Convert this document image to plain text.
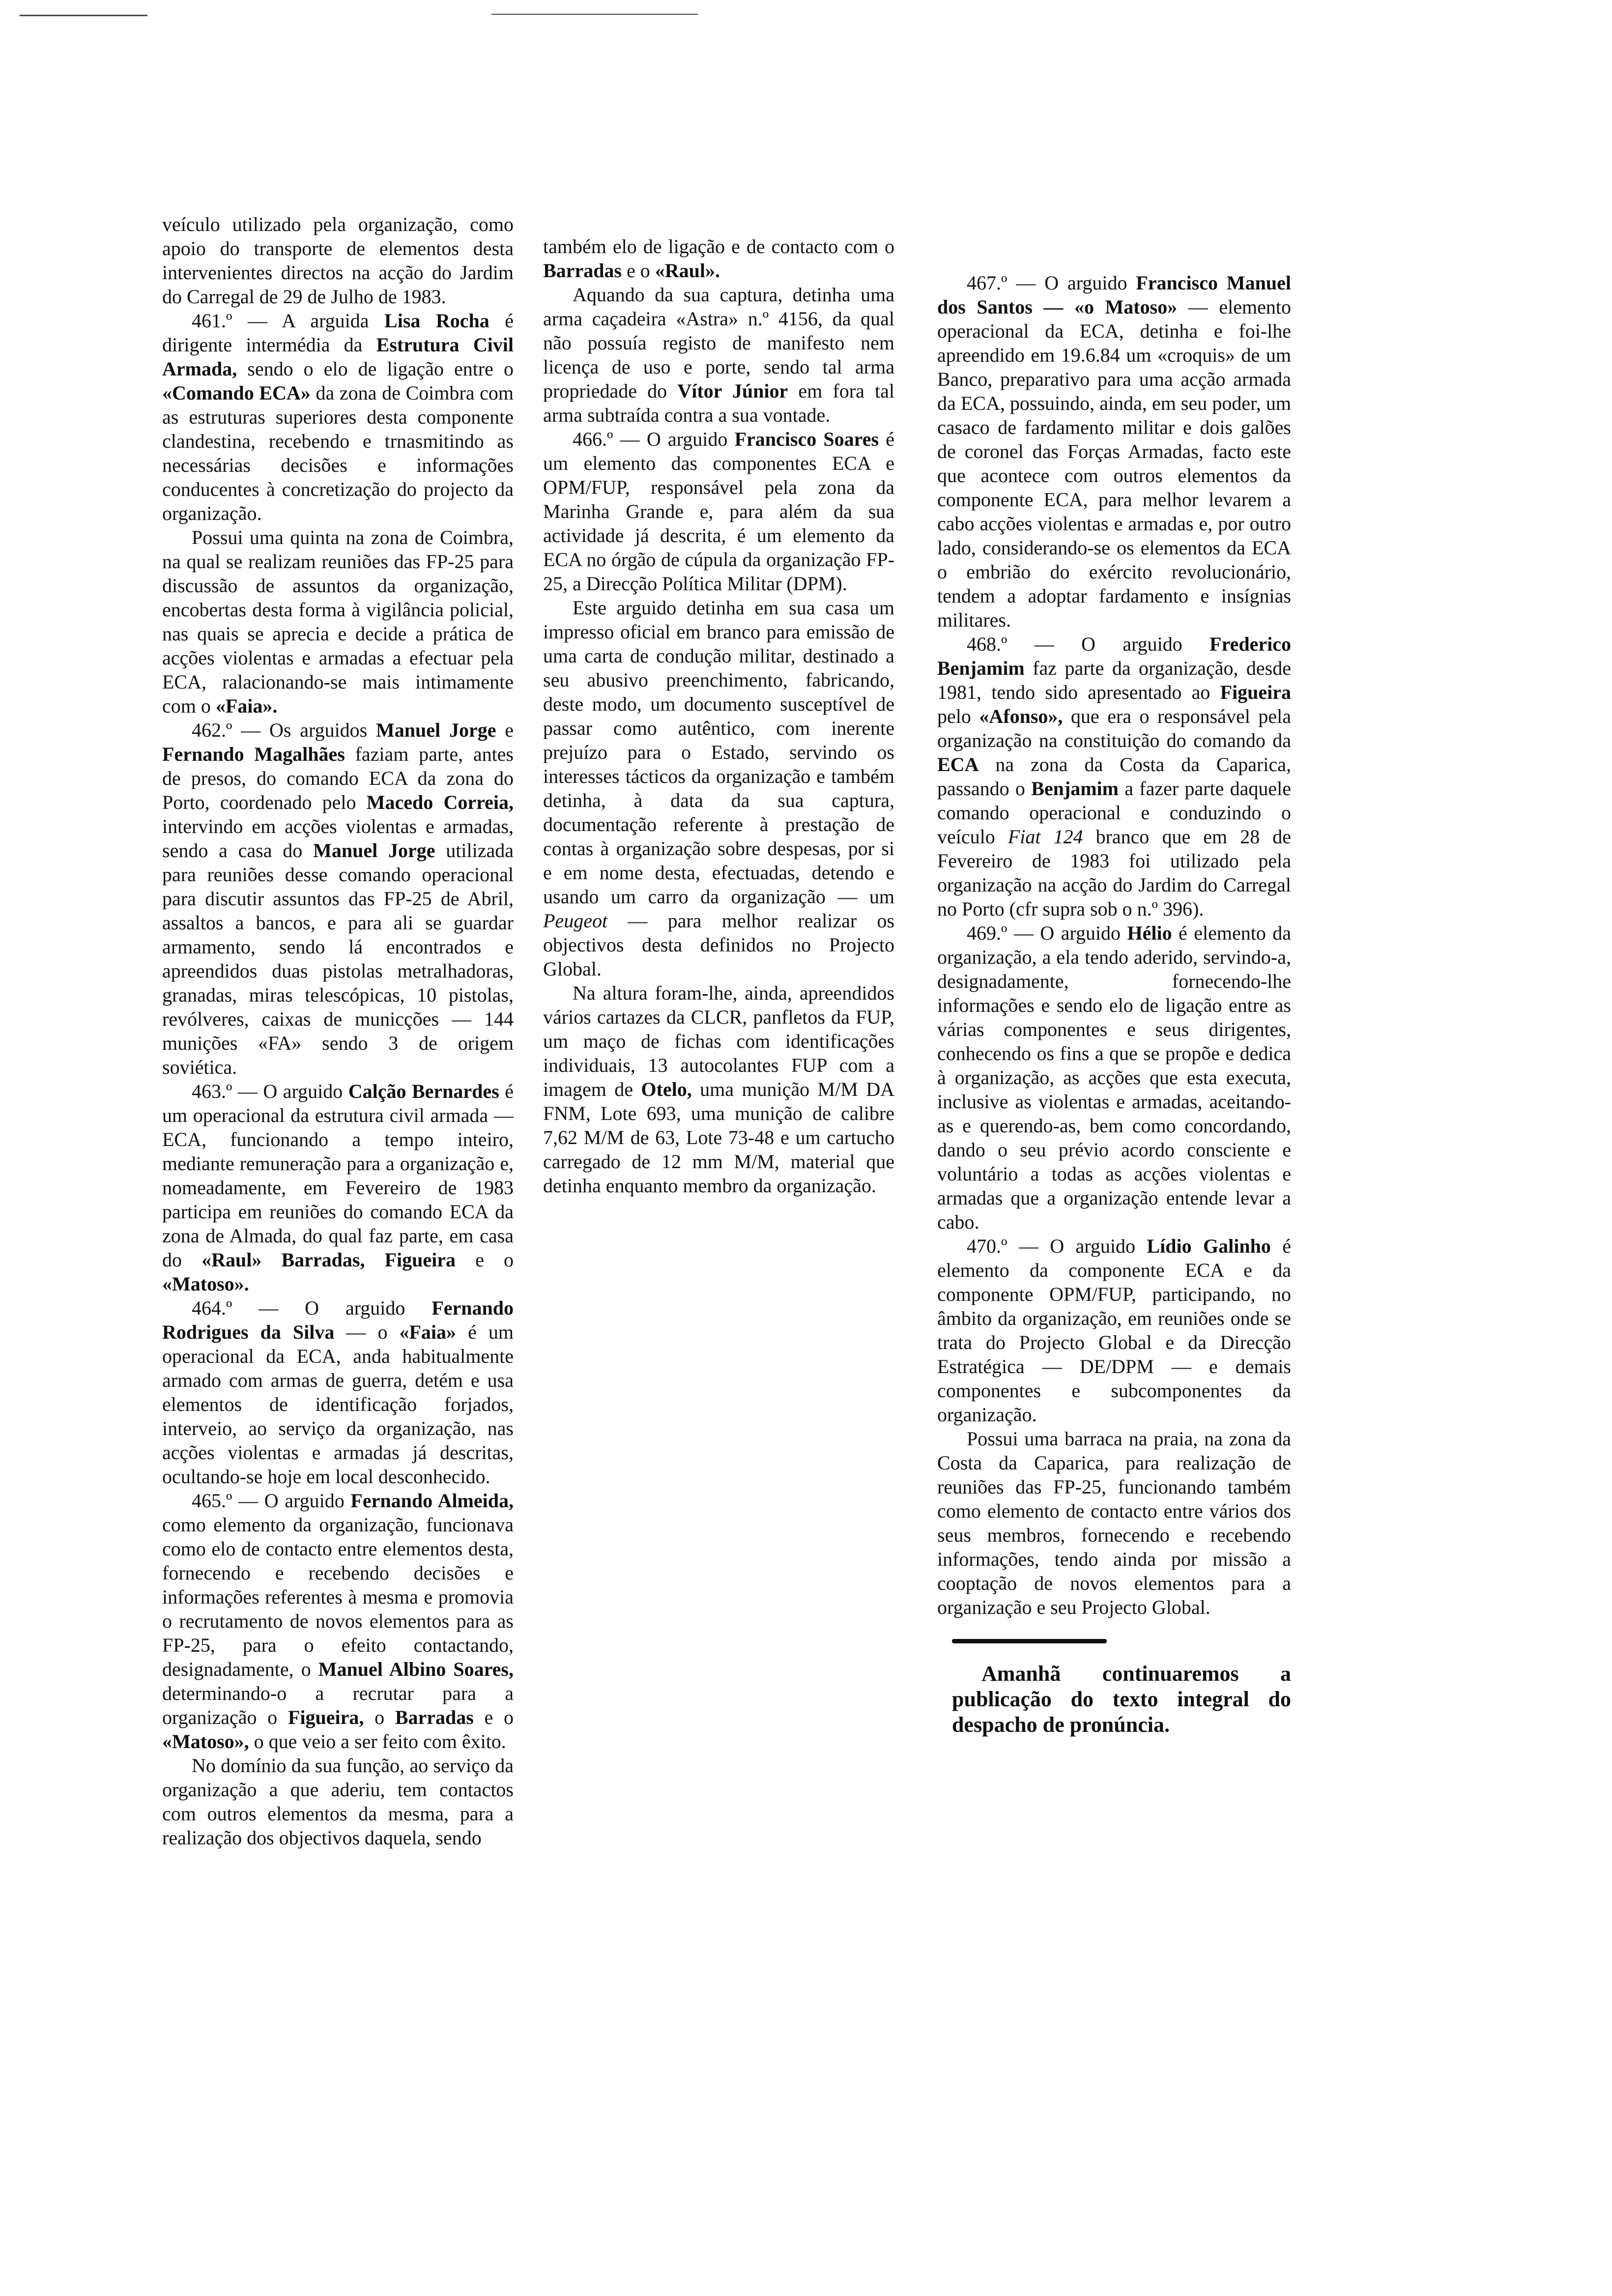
veículo utilizado pela organização, como apoio do transporte de elementos desta intervenientes directos na acção do Jardim do Carregal de 29 de Julho de 1983.

461.º — A arguida Lisa Rocha é dirigente intermédia da Estrutura Civil Armada, sendo o elo de ligação entre o «Comando ECA» da zona de Coimbra com as estruturas superiores desta componente clandestina, recebendo e trnasmitindo as necessárias decisões e informações conducentes à concretização do projecto da organização.

Possui uma quinta na zona de Coimbra, na qual se realizam reuniões das FP-25 para discussão de assuntos da organização, encobertas desta forma à vigilância policial, nas quais se aprecia e decide a prática de acções violentas e armadas a efectuar pela ECA, ralacionando-se mais intimamente com o «Faia».

462.º — Os arguidos Manuel Jorge e Fernando Magalhães faziam parte, antes de presos, do comando ECA da zona do Porto, coordenado pelo Macedo Correia, intervindo em acções violentas e armadas, sendo a casa do Manuel Jorge utilizada para reuniões desse comando operacional para discutir assuntos das FP-25 de Abril, assaltos a bancos, e para ali se guardar armamento, sendo lá encontrados e apreendidos duas pistolas metralhadoras, granadas, miras telescópicas, 10 pistolas, revólveres, caixas de municções — 144 munições «FA» sendo 3 de origem soviética.

463.º — O arguido Calção Bernardes é um operacional da estrutura civil armada — ECA, funcionando a tempo inteiro, mediante remuneração para a organização e, nomeadamente, em Fevereiro de 1983 participa em reuniões do comando ECA da zona de Almada, do qual faz parte, em casa do «Raul» Barradas, Figueira e o «Matoso».

464.º — O arguido Fernando Rodrigues da Silva — o «Faia» é um operacional da ECA, anda habitualmente armado com armas de guerra, detém e usa elementos de identificação forjados, interveio, ao serviço da organização, nas acções violentas e armadas já descritas, ocultando-se hoje em local desconhecido.

465.º — O arguido Fernando Almeida, como elemento da organização, funcionava como elo de contacto entre elementos desta, fornecendo e recebendo decisões e informações referentes à mesma e promovia o recrutamento de novos elementos para as FP-25, para o efeito contactando, designadamente, o Manuel Albino Soares, determinando-o a recrutar para a organização o Figueira, o Barradas e o «Matoso», o que veio a ser feito com êxito.

No domínio da sua função, ao serviço da organização a que aderiu, tem contactos com outros elementos da mesma, para a realização dos objectivos daquela, sendo

também elo de ligação e de contacto com o Barradas e o «Raul».

Aquando da sua captura, detinha uma arma caçadeira «Astra» n.º 4156, da qual não possuía registo de manifesto nem licença de uso e porte, sendo tal arma propriedade do Vítor Júnior em fora tal arma subtraída contra a sua vontade.

466.º — O arguido Francisco Soares é um elemento das componentes ECA e OPM/FUP, responsável pela zona da Marinha Grande e, para além da sua actividade já descrita, é um elemento da ECA no órgão de cúpula da organização FP-25, a Direcção Política Militar (DPM).

Este arguido detinha em sua casa um impresso oficial em branco para emissão de uma carta de condução militar, destinado a seu abusivo preenchimento, fabricando, deste modo, um documento susceptível de passar como autêntico, com inerente prejuízo para o Estado, servindo os interesses tácticos da organização e também detinha, à data da sua captura, documentação referente à prestação de contas à organização sobre despesas, por si e em nome desta, efectuadas, detendo e usando um carro da organização — um Peugeot — para melhor realizar os objectivos desta definidos no Projecto Global.

Na altura foram-lhe, ainda, apreendidos vários cartazes da CLCR, panfletos da FUP, um maço de fichas com identificações individuais, 13 autocolantes FUP com a imagem de Otelo, uma munição M/M DA FNM, Lote 693, uma munição de calibre 7,62 M/M de 63, Lote 73-48 e um cartucho carregado de 12 mm M/M, material que detinha enquanto membro da organização.

467.º — O arguido Francisco Manuel dos Santos — «o Matoso» — elemento operacional da ECA, detinha e foi-lhe apreendido em 19.6.84 um «croquis» de um Banco, preparativo para uma acção armada da ECA, possuindo, ainda, em seu poder, um casaco de fardamento militar e dois galões de coronel das Forças Armadas, facto este que acontece com outros elementos da componente ECA, para melhor levarem a cabo acções violentas e armadas e, por outro lado, considerando-se os elementos da ECA o embrião do exército revolucionário, tendem a adoptar fardamento e insígnias militares.

468.º — O arguido Frederico Benjamim faz parte da organização, desde 1981, tendo sido apresentado ao Figueira pelo «Afonso», que era o responsável pela organização na constituição do comando da ECA na zona da Costa da Caparica, passando o Benjamim a fazer parte daquele comando operacional e conduzindo o veículo Fiat 124 branco que em 28 de Fevereiro de 1983 foi utilizado pela organização na acção do Jardim do Carregal no Porto (cfr supra sob o n.º 396).

469.º — O arguido Hélio é elemento da organização, a ela tendo aderido, servindo-a, designadamente, fornecendo-lhe informações e sendo elo de ligação entre as várias componentes e seus dirigentes, conhecendo os fins a que se propõe e dedica à organização, as acções que esta executa, inclusive as violentas e armadas, aceitando-as e querendo-as, bem como concordando, dando o seu prévio acordo consciente e voluntário a todas as acções violentas e armadas que a organização entende levar a cabo.

470.º — O arguido Lídio Galinho é elemento da componente ECA e da componente OPM/FUP, participando, no âmbito da organização, em reuniões onde se trata do Projecto Global e da Direcção Estratégica — DE/DPM — e demais componentes e subcomponentes da organização.

Possui uma barraca na praia, na zona da Costa da Caparica, para realização de reuniões das FP-25, funcionando também como elemento de contacto entre vários dos seus membros, fornecendo e recebendo informações, tendo ainda por missão a cooptação de novos elementos para a organização e seu Projecto Global.

Amanhã continuaremos a publicação do texto integral do despacho de pronúncia.
